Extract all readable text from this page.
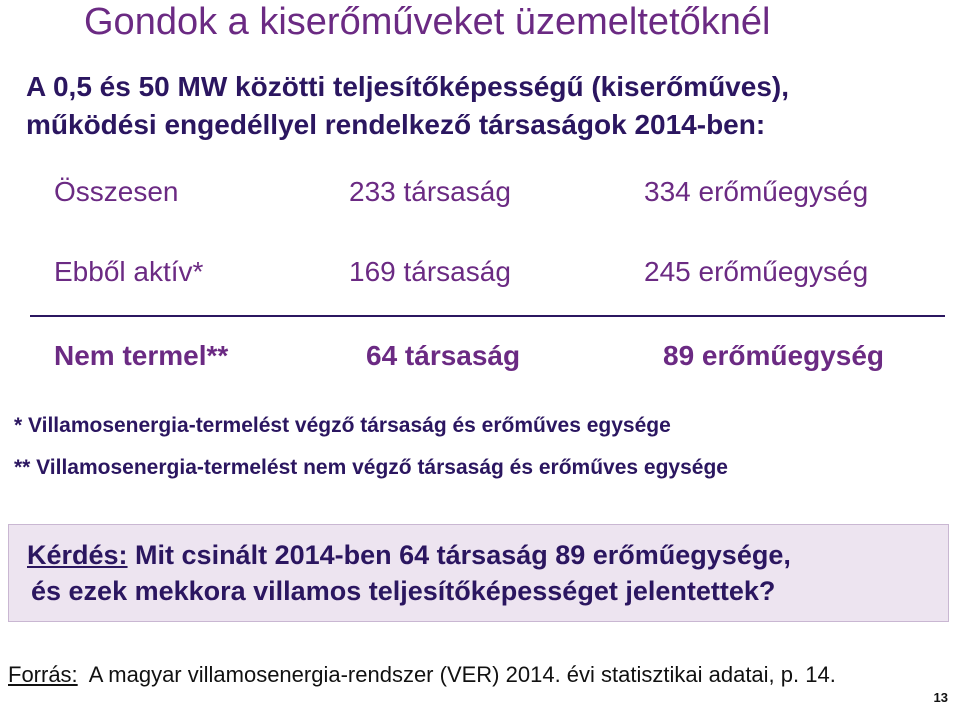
Gondok a kiserőműveket üzemeltetőknél
A 0,5 és 50 MW közötti teljesítőképességű (kiserőműves),
működési engedéllyel rendelkező társaságok 2014-ben:
Összesen	233 társaság	334 erőműegység
Ebből aktív*	169 társaság	245 erőműegység
Nem termel**	64 társaság	89 erőműegység
* Villamosenergia-termelést végző társaság és erőműves egysége
** Villamosenergia-termelést nem végző társaság és erőműves egysége
Kérdés: Mit csinált 2014-ben 64 társaság 89 erőműegysége,
és ezek mekkora villamos teljesítőképességet jelentettek?
Forrás:  A magyar villamosenergia-rendszer (VER) 2014. évi statisztikai adatai, p. 14.
13
